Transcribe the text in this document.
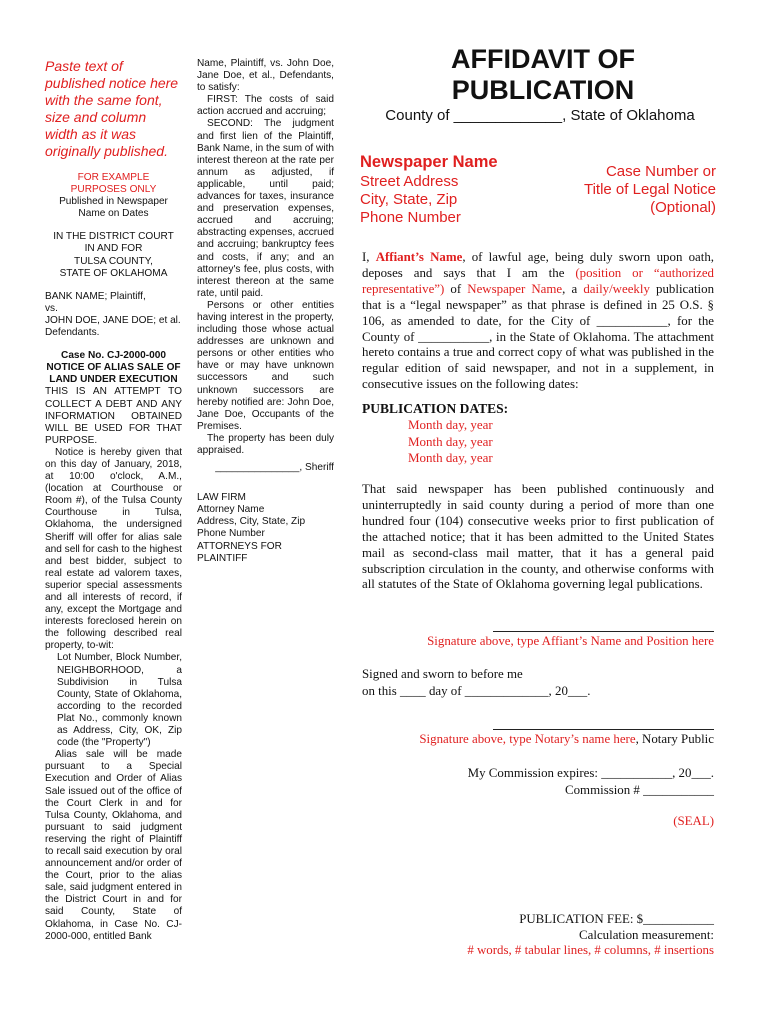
Paste text of published notice here with the same font, size and column width as it was originally published.
FOR EXAMPLE
PURPOSES ONLY
Published in Newspaper
Name on Dates
IN THE DISTRICT COURT
IN AND FOR
TULSA COUNTY,
STATE OF OKLAHOMA
BANK NAME; Plaintiff,
vs.
JOHN DOE, JANE DOE; et al.
Defendants.
Case No. CJ-2000-000
NOTICE OF ALIAS SALE OF LAND UNDER EXECUTION
THIS IS AN ATTEMPT TO COLLECT A DEBT AND ANY INFORMATION OBTAINED WILL BE USED FOR THAT PURPOSE.
Notice is hereby given that on this day of January, 2018, at 10:00 o'clock, A.M., (location at Courthouse or Room #), of the Tulsa County Courthouse in Tulsa, Oklahoma, the undersigned Sheriff will offer for alias sale and sell for cash to the highest and best bidder, subject to real estate ad valorem taxes, superior special assessments and all interests of record, if any, except the Mortgage and interests foreclosed herein on the following described real property, to-wit:
Lot Number, Block Number, NEIGHBORHOOD, a Subdivision in Tulsa County, State of Oklahoma, according to the recorded Plat No., commonly known as Address, City, OK, Zip code (the "Property")
Alias sale will be made pursuant to a Special Execution and Order of Alias Sale issued out of the office of the Court Clerk in and for Tulsa County, Oklahoma, and pursuant to said judgment reserving the right of Plaintiff to recall said execution by oral announcement and/or order of the Court, prior to the alias sale, said judgment entered in the District Court in and for said County, State of Oklahoma, in Case No. CJ-2000-000, entitled Bank
Name, Plaintiff, vs. John Doe, Jane Doe, et al., Defendants, to satisfy:
FIRST: The costs of said action accrued and accruing;
SECOND: The judgment and first lien of the Plaintiff, Bank Name, in the sum of with interest thereon at the rate per annum as adjusted, if applicable, until paid; advances for taxes, insurance and preservation expenses, accrued and accruing; abstracting expenses, accrued and accruing; bankruptcy fees and costs, if any; and an attorney's fee, plus costs, with interest thereon at the same rate, until paid.
Persons or other entities having interest in the property, including those whose actual addresses are unknown and persons or other entities who have or may have unknown successors and such unknown successors are hereby notified are: John Doe, Jane Doe, Occupants of the Premises.
The property has been duly appraised.
_______________, Sheriff
LAW FIRM
Attorney Name
Address, City, State, Zip
Phone Number
ATTORNEYS FOR
PLAINTIFF
AFFIDAVIT OF
PUBLICATION
County of _____________, State of Oklahoma
Newspaper Name
Street Address
City, State, Zip
Phone Number
Case Number or
Title of Legal Notice
(Optional)
I, Affiant’s Name, of lawful age, being duly sworn upon oath, deposes and says that I am the (position or “authorized representative”) of Newspaper Name, a daily/weekly publication that is a “legal newspaper” as that phrase is defined in 25 O.S. § 106, as amended to date, for the City of ___________, for the County of ___________, in the State of Oklahoma. The attachment hereto contains a true and correct copy of what was published in the regular edition of said newspaper, and not in a supplement, in consecutive issues on the following dates:
PUBLICATION DATES:
Month day, year
Month day, year
Month day, year
That said newspaper has been published continuously and uninterruptedly in said county during a period of more than one hundred four (104) consecutive weeks prior to first publication of the attached notice; that it has been admitted to the United States mail as second-class mail matter, that it has a general paid subscription circulation in the county, and otherwise conforms with all statutes of the State of Oklahoma governing legal publications.
Signature above, type Affiant’s Name and Position here
Signed and sworn to before me
on this ____ day of _____________, 20___.
Signature above, type Notary’s name here, Notary Public
My Commission expires: ___________, 20___.
Commission # ___________
(SEAL)
PUBLICATION FEE: $___________
Calculation measurement:
# words, # tabular lines, # columns, # insertions
